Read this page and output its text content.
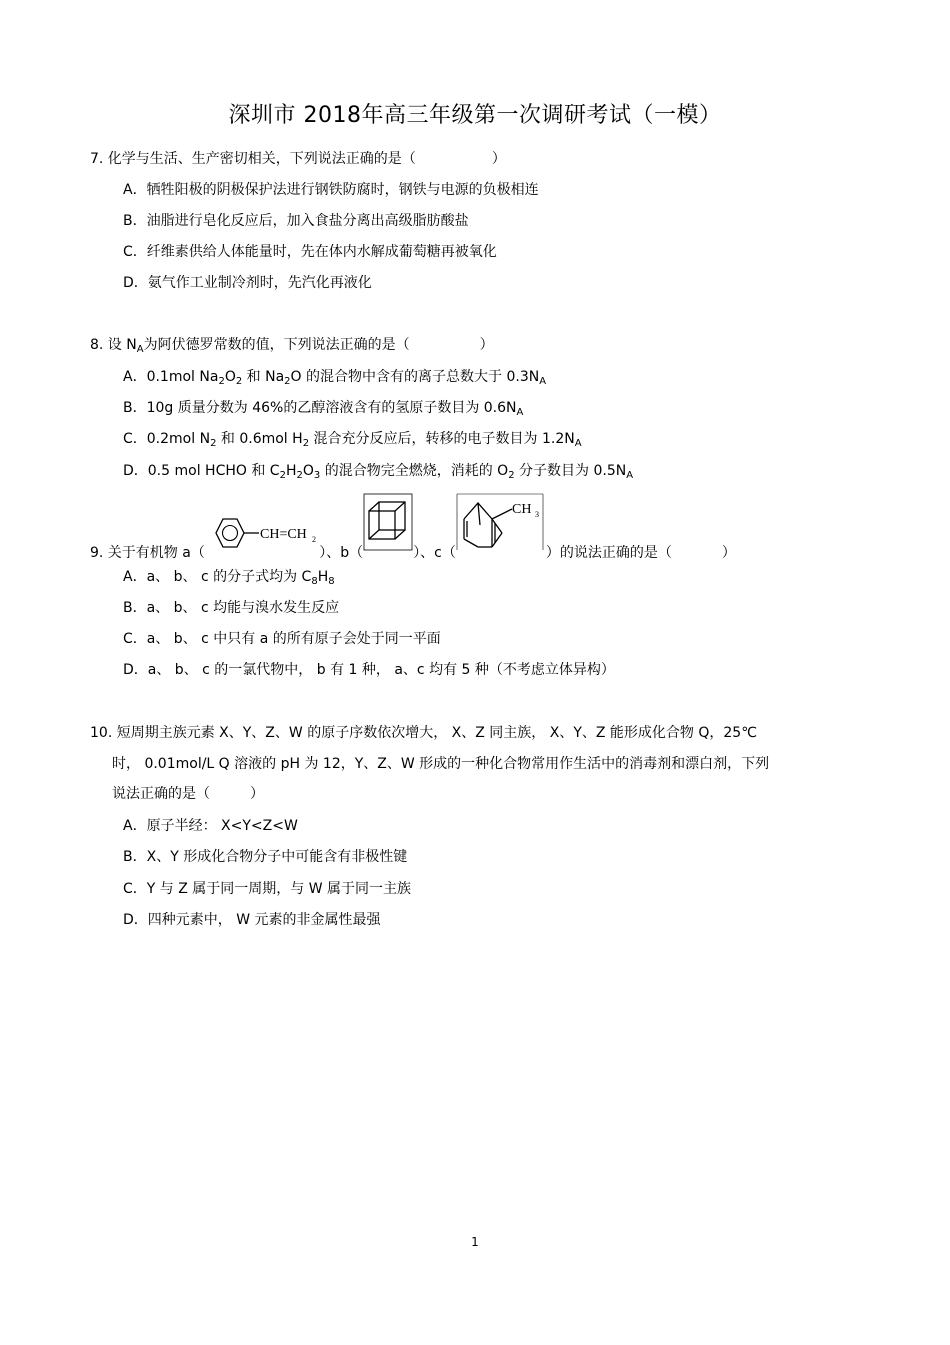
深圳市 2018年高三年级第一次调研考试（一模）
7. 化学与生活、生产密切相关，下列说法正确的是（	）
A．牺牲阳极的阴极保护法进行钢铁防腐时，钢铁与电源的负极相连
B．油脂进行皂化反应后，加入食盐分离出高级脂肪酸盐
C．纤维素供给人体能量时，先在体内水解成葡萄糖再被氧化
D．氨气作工业制冷剂时，先汽化再液化
8. 设 $N_A$为阿伏德罗常数的值，下列说法正确的是（	）
A．0.1mol $Na_2O_2$ 和 $Na_2O$ 的混合物中含有的离子总数大于 $0.3N_A$
B．10g 质量分数为 46%的乙醇溶液含有的氢原子数目为 $0.6N_A$
C．0.2mol $N_2$ 和 0.6mol $H_2$ 混合充分反应后，转移的电子数目为 $1.2N_A$
D．0.5 mol HCHO 和 $C_2H_2O_3$ 的混合物完全燃烧，消耗的 $O_2$ 分子数目为 $0.5N_A$
9. 关于有机物 a（
CH=CH 2
）、b（	）、c（
CH 3
）的说法正确的是（	）
A．a、 b、 c 的分子式均为 $C_8H_8$
B．a、 b、 c 均能与溴水发生反应
C．a、 b、 c 中只有 a 的所有原子会处于同一平面
D．a、 b、 c 的一氯代物中， b 有 1 种， a、c 均有 5 种（不考虑立体异构）
10. 短周期主族元素 X、Y、Z、W 的原子序数依次增大， X、Z 同主族， X、Y、Z 能形成化合物 Q，25℃
时， 0.01mol/L Q 溶液的 pH 为 12，Y、Z、W 形成的一种化合物常用作生活中的消毒剂和漂白剂，下列
说法正确的是（	）
A．原子半经： X<Y<Z<W
B．X、Y 形成化合物分子中可能含有非极性键
C．Y 与 Z 属于同一周期，与 W 属于同一主族
D．四种元素中， W 元素的非金属性最强
1
